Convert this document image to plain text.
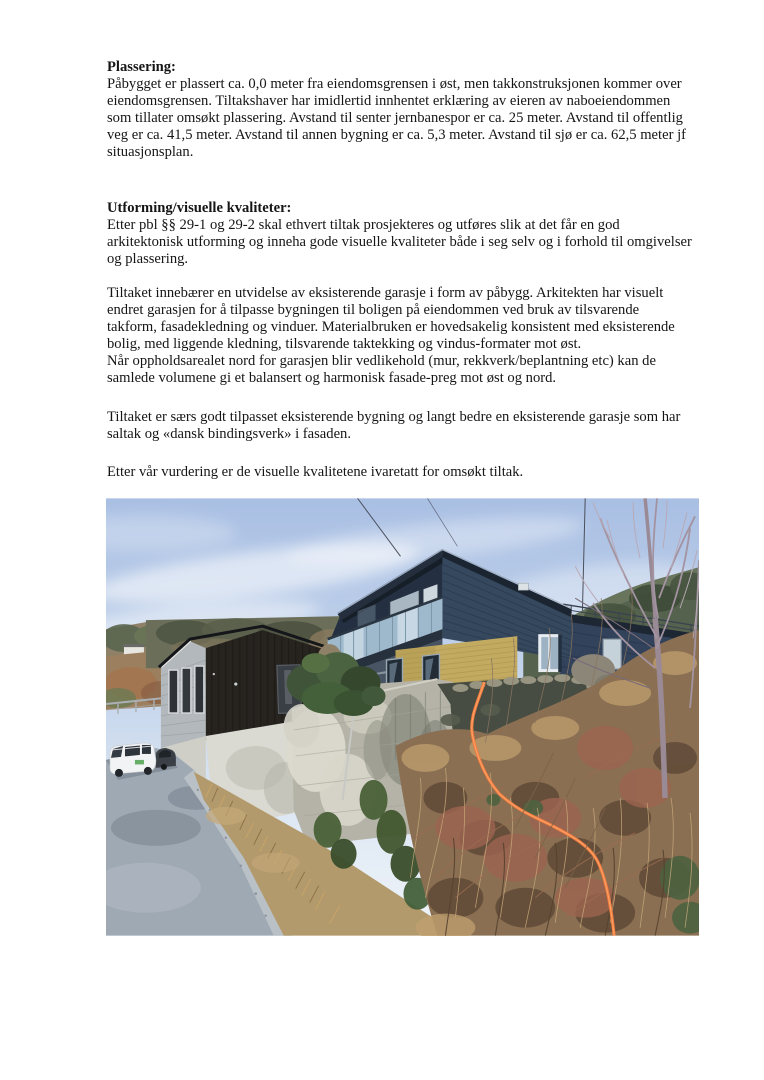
Plassering:

Påbygget er plassert ca. 0,0 meter fra eiendomsgrensen i øst, men takkonstruksjonen kommer over eiendomsgrensen. Tiltakshaver har imidlertid innhentet erklæring av eieren av naboeiendommen som tillater omsøkt plassering. Avstand til senter jernbanespor er ca. 25 meter. Avstand til offentlig veg er ca. 41,5 meter. Avstand til annen bygning er ca. 5,3 meter. Avstand til sjø er ca. 62,5 meter jf situasjonsplan.

Utforming/visuelle kvaliteter:

Etter pbl §§ 29-1 og 29-2 skal ethvert tiltak prosjekteres og utføres slik at det får en god arkitektonisk utforming og inneha gode visuelle kvaliteter både i seg selv og i forhold til omgivelser og plassering.

Tiltaket innebærer en utvidelse av eksisterende garasje i form av påbygg. Arkitekten har visuelt endret garasjen for å tilpasse bygningen til boligen på eiendommen ved bruk av tilsvarende takform, fasadekledning og vinduer. Materialbruken er hovedsakelig konsistent med eksisterende bolig, med liggende kledning, tilsvarende taktekking og vindus-formater mot øst.

Når oppholdsarealet nord for garasjen blir vedlikehold (mur, rekkverk/beplantning etc) kan de samlede volumene gi et balansert og harmonisk fasade-preg mot øst og nord.

Tiltaket er særs godt tilpasset eksisterende bygning og langt bedre en eksisterende garasje som har saltak og «dansk bindingsverk» i fasaden.

Etter vår vurdering er de visuelle kvalitetene ivaretatt for omsøkt tiltak.
